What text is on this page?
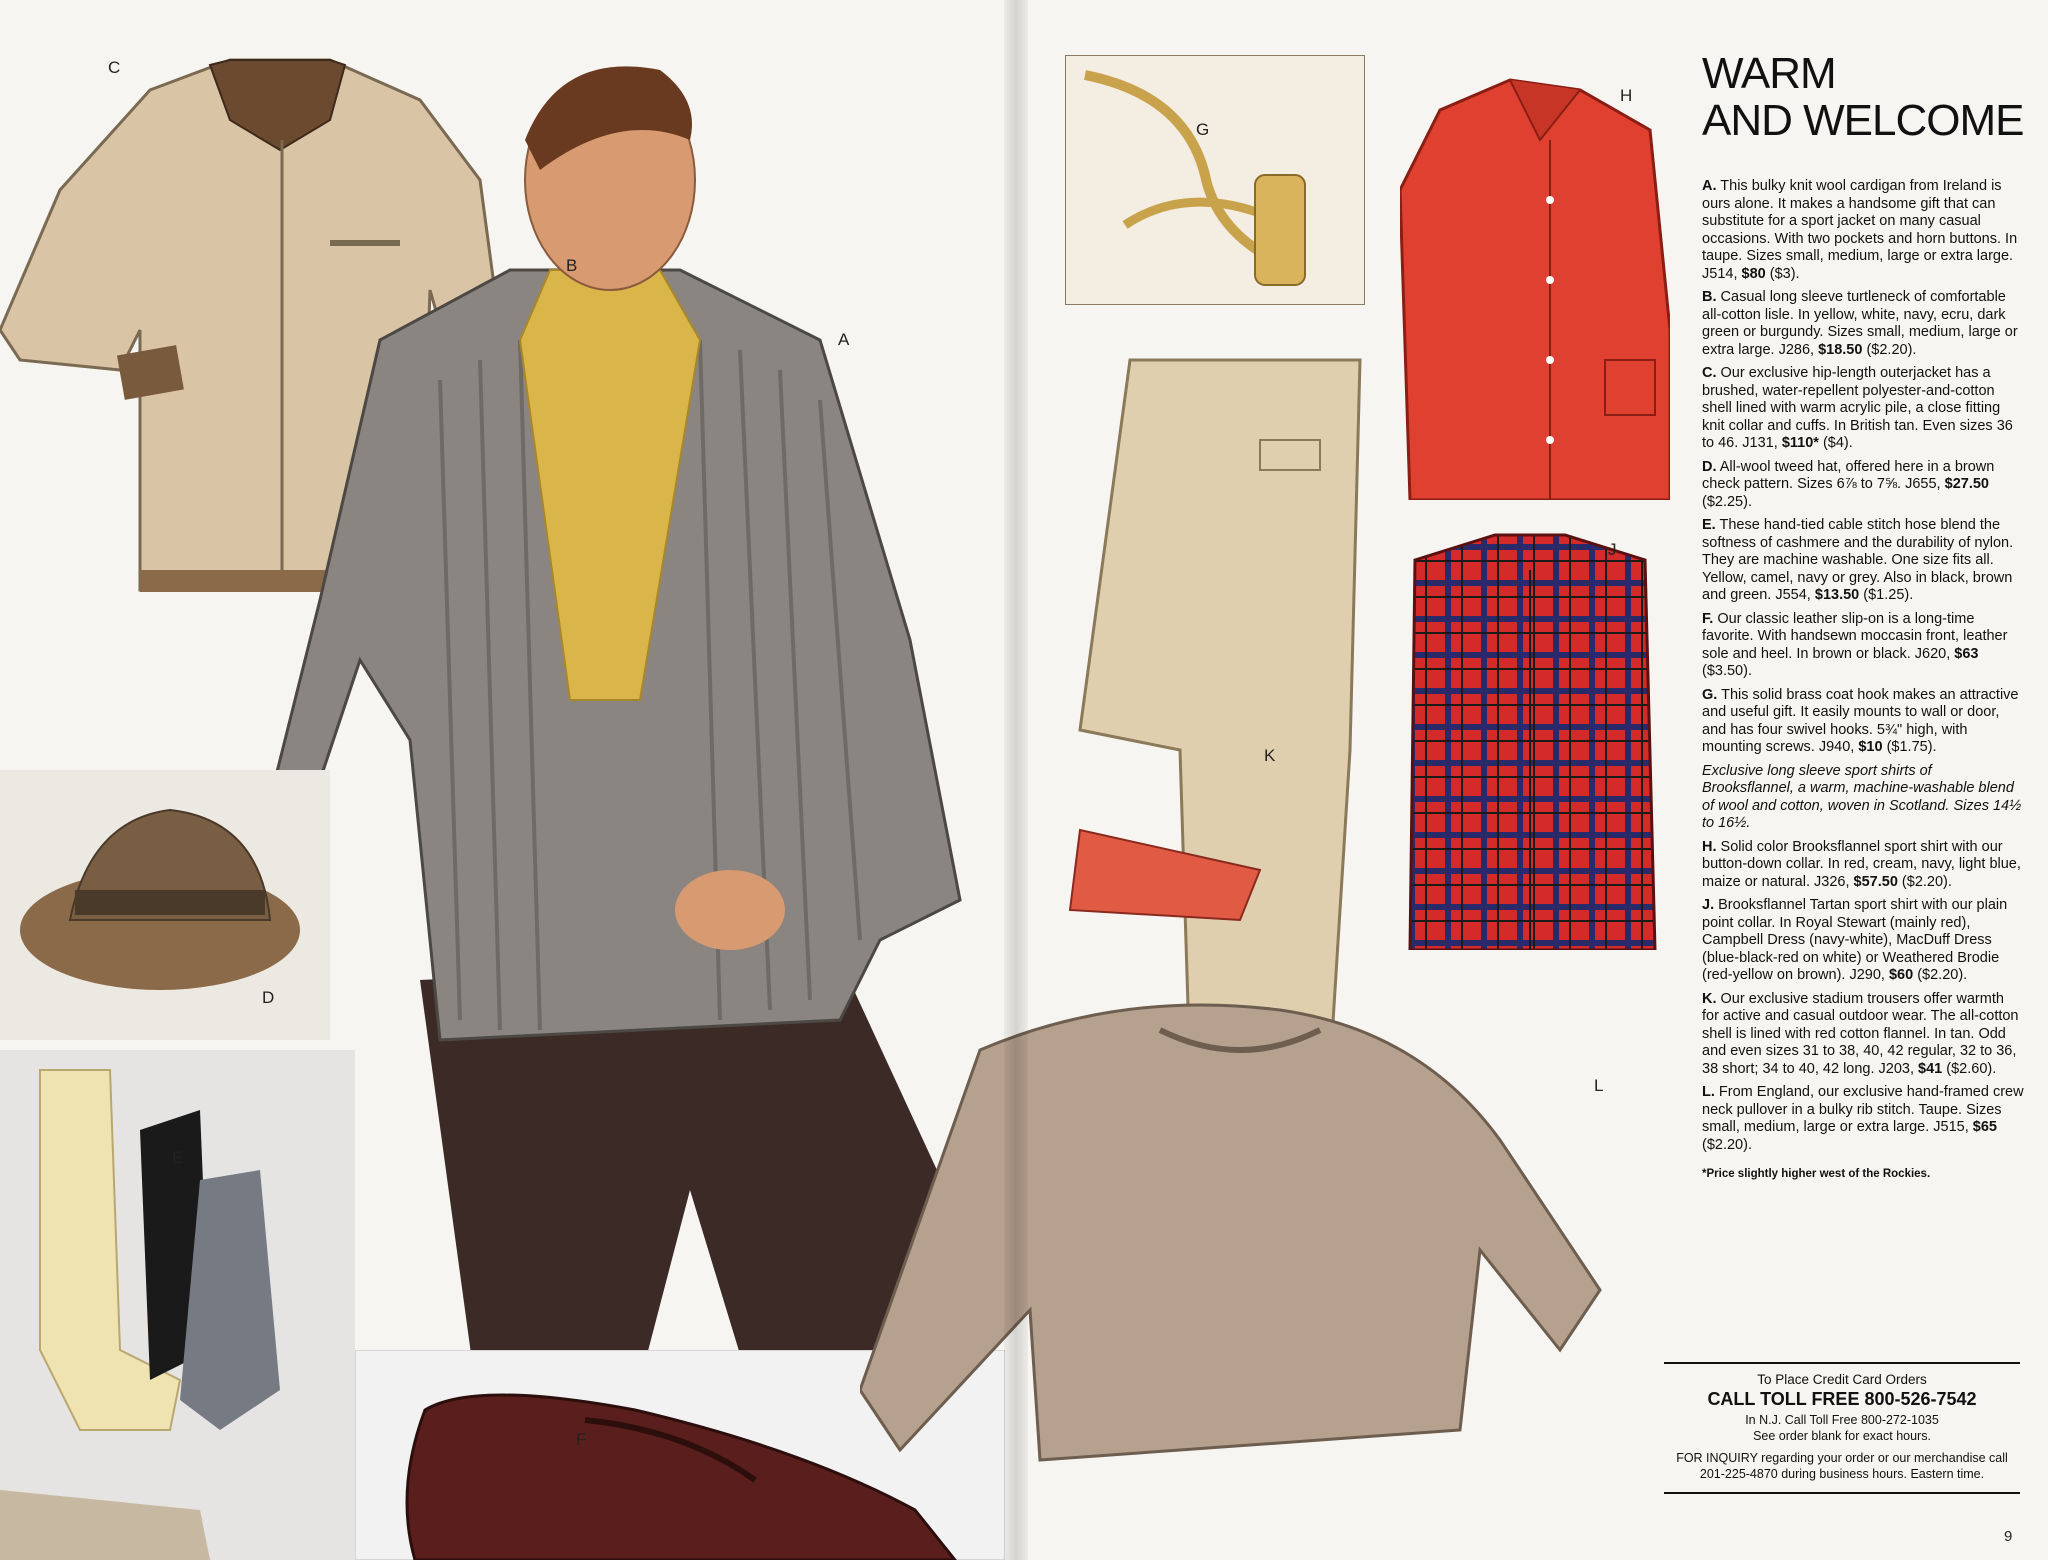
A
B
C
D
E
F
G
H
J
K
L
WARM
AND WELCOME

A. This bulky knit wool cardigan from Ireland is ours alone. It makes a handsome gift that can substitute for a sport jacket on many casual occasions. With two pockets and horn buttons. In taupe. Sizes small, medium, large or extra large. J514, $80 ($3).

B. Casual long sleeve turtleneck of comfortable all-cotton lisle. In yellow, white, navy, ecru, dark green or burgundy. Sizes small, medium, large or extra large. J286, $18.50 ($2.20).

C. Our exclusive hip-length outerjacket has a brushed, water-repellent polyester-and-cotton shell lined with warm acrylic pile, a close fitting knit collar and cuffs. In British tan. Even sizes 36 to 46. J131, $110* ($4).

D. All-wool tweed hat, offered here in a brown check pattern. Sizes 6⅞ to 7⅝. J655, $27.50 ($2.25).

E. These hand-tied cable stitch hose blend the softness of cashmere and the durability of nylon. They are machine washable. One size fits all. Yellow, camel, navy or grey. Also in black, brown and green. J554, $13.50 ($1.25).

F. Our classic leather slip-on is a long-time favorite. With handsewn moccasin front, leather sole and heel. In brown or black. J620, $63 ($3.50).

G. This solid brass coat hook makes an attractive and useful gift. It easily mounts to wall or door, and has four swivel hooks. 5¾" high, with mounting screws. J940, $10 ($1.75).

Exclusive long sleeve sport shirts of Brooksflannel, a warm, machine-washable blend of wool and cotton, woven in Scotland. Sizes 14½ to 16½.

H. Solid color Brooksflannel sport shirt with our button-down collar. In red, cream, navy, light blue, maize or natural. J326, $57.50 ($2.20).

J. Brooksflannel Tartan sport shirt with our plain point collar. In Royal Stewart (mainly red), Campbell Dress (navy-white), MacDuff Dress (blue-black-red on white) or Weathered Brodie (red-yellow on brown). J290, $60 ($2.20).

K. Our exclusive stadium trousers offer warmth for active and casual outdoor wear. The all-cotton shell is lined with red cotton flannel. In tan. Odd and even sizes 31 to 38, 40, 42 regular, 32 to 36, 38 short; 34 to 40, 42 long. J203, $41 ($2.60).

L. From England, our exclusive hand-framed crew neck pullover in a bulky rib stitch. Taupe. Sizes small, medium, large or extra large. J515, $65 ($2.20).

*Price slightly higher west of the Rockies.

To Place Credit Card Orders
CALL TOLL FREE 800-526-7542
In N.J. Call Toll Free 800-272-1035
See order blank for exact hours.
FOR INQUIRY regarding your order or our merchandise call 201-225-4870 during business hours. Eastern time.
9
